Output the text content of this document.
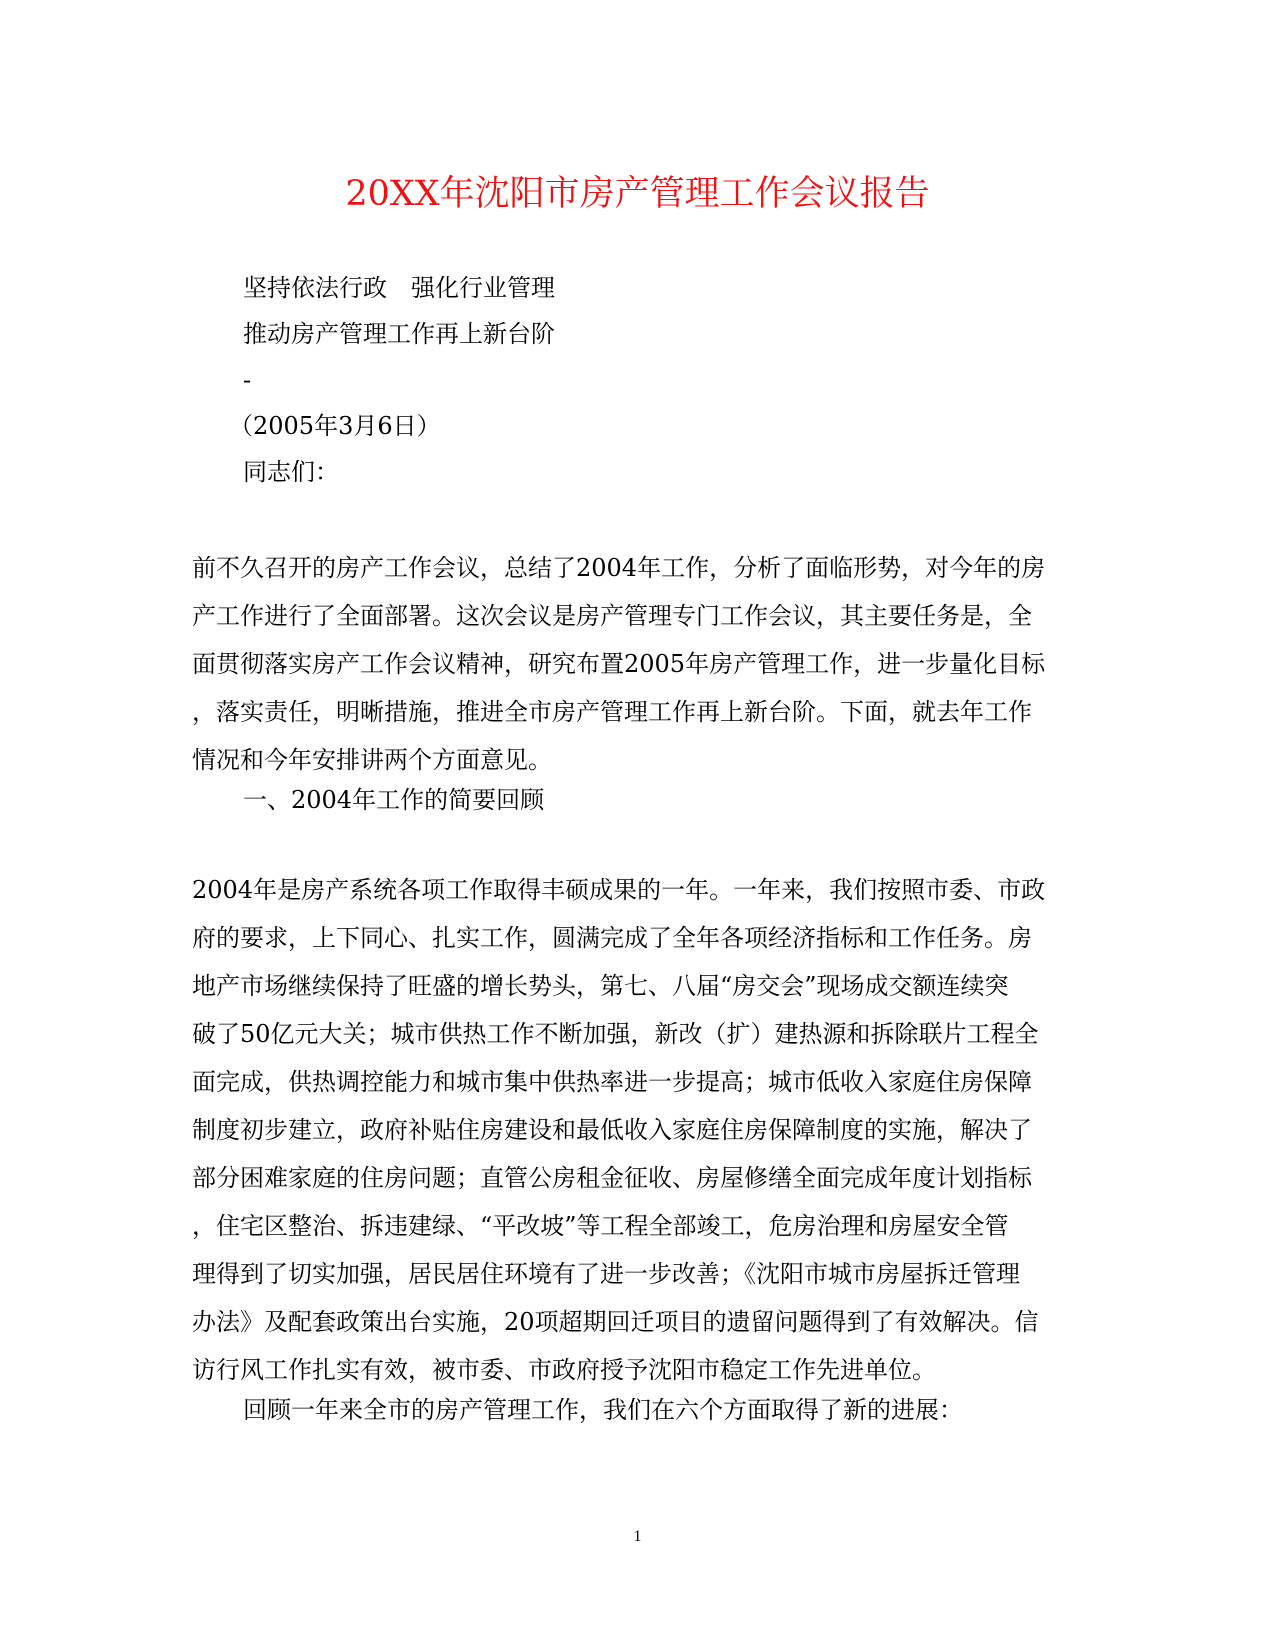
20XX年沈阳市房产管理工作会议报告
坚持依法行政　强化行业管理
推动房产管理工作再上新台阶
-
（2005年3月6日）
同志们：
前不久召开的房产工作会议，总结了2004年工作，分析了面临形势，对今年的房
产工作进行了全面部署。这次会议是房产管理专门工作会议，其主要任务是，全
面贯彻落实房产工作会议精神，研究布置2005年房产管理工作，进一步量化目标
，落实责任，明晰措施，推进全市房产管理工作再上新台阶。下面，就去年工作
情况和今年安排讲两个方面意见。
一、2004年工作的简要回顾
2004年是房产系统各项工作取得丰硕成果的一年。一年来，我们按照市委、市政
府的要求，上下同心、扎实工作，圆满完成了全年各项经济指标和工作任务。房
地产市场继续保持了旺盛的增长势头，第七、八届“房交会”现场成交额连续突
破了50亿元大关；城市供热工作不断加强，新改（扩）建热源和拆除联片工程全
面完成，供热调控能力和城市集中供热率进一步提高；城市低收入家庭住房保障
制度初步建立，政府补贴住房建设和最低收入家庭住房保障制度的实施，解决了
部分困难家庭的住房问题；直管公房租金征收、房屋修缮全面完成年度计划指标
，住宅区整治、拆违建绿、“平改坡”等工程全部竣工，危房治理和房屋安全管
理得到了切实加强，居民居住环境有了进一步改善；《沈阳市城市房屋拆迁管理
办法》及配套政策出台实施，20项超期回迁项目的遗留问题得到了有效解决。信
访行风工作扎实有效，被市委、市政府授予沈阳市稳定工作先进单位。
回顾一年来全市的房产管理工作，我们在六个方面取得了新的进展：
1
